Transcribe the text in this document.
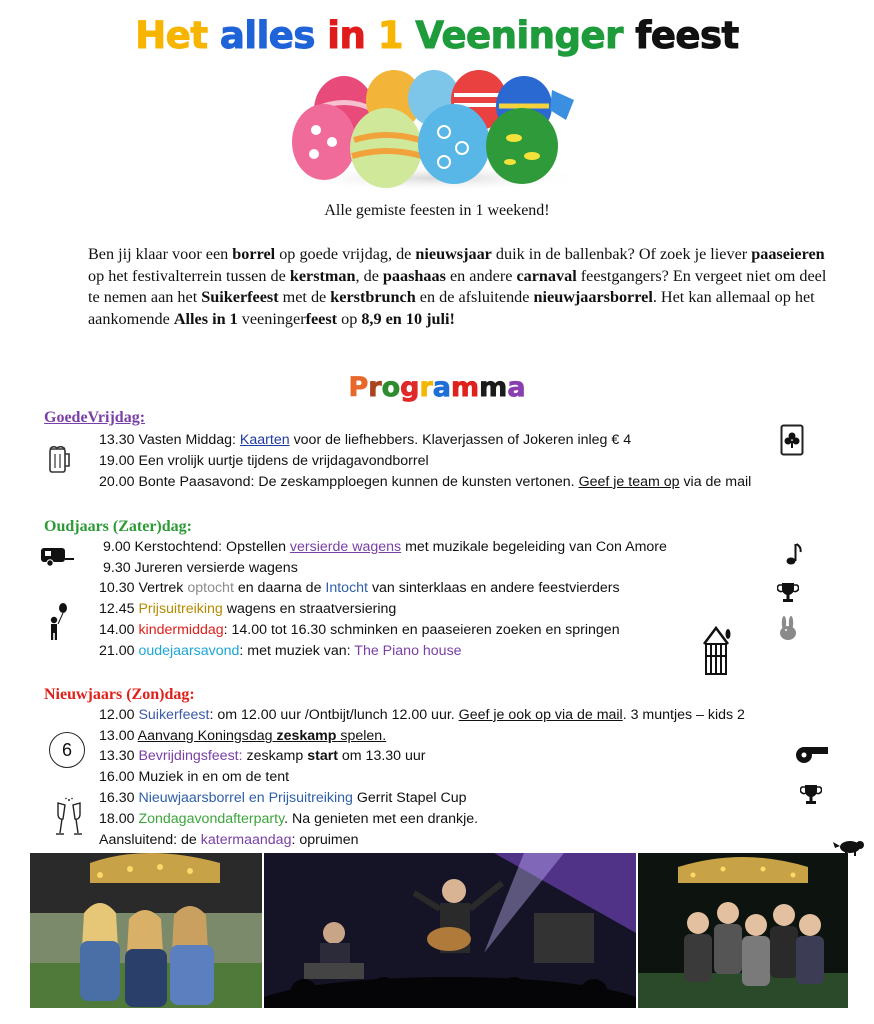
Het alles in 1 Veeninger feest
Alle gemiste feesten in 1 weekend!
Ben jij klaar voor een borrel op goede vrijdag, de nieuwsjaar duik in de ballenbak? Of zoek je liever paaseieren op het festivalterrein tussen de kerstman, de paashaas en andere carnaval feestgangers? En vergeet niet om deel te nemen aan het Suikerfeest met de kerstbrunch en de afsluitende nieuwjaarsborrel. Het kan allemaal op het aankomende Alles in 1 veeningerfeest op 8,9 en 10 juli!
Programma
GoedeVrijdag:
13.30 Vasten Middag: Kaarten voor de liefhebbers. Klaverjassen of Jokeren inleg € 4
19.00 Een vrolijk uurtje tijdens de vrijdagavondborrel
20.00 Bonte Paasavond: De zeskampploegen kunnen de kunsten vertonen. Geef je team op via de mail
Oudjaars (Zater)dag:
9.00 Kerstochtend: Opstellen versierde wagens met muzikale begeleiding van Con Amore
9.30 Jureren versierde wagens
10.30 Vertrek optocht en daarna de Intocht van sinterklaas en andere feestvierders
12.45 Prijsuitreiking wagens en straatversiering
14.00 kindermiddag: 14.00 tot 16.30 schminken en paaseieren zoeken en springen
21.00 oudejaarsavond: met muziek van: The Piano house
Nieuwjaars (Zon)dag:
12.00 Suikerfeest: om 12.00 uur /Ontbijt/lunch 12.00 uur. Geef je ook op via de mail. 3 muntjes – kids 2
13.00 Aanvang Koningsdag zeskamp spelen.
13.30 Bevrijdingsfeest: zeskamp start om 13.30 uur
16.00 Muziek in en om de tent
16.30 Nieuwjaarsborrel en Prijsuitreiking Gerrit Stapel Cup
18.00 Zondagavondafterparty. Na genieten met een drankje.
Aansluitend: de katermaandag: opruimen
6
